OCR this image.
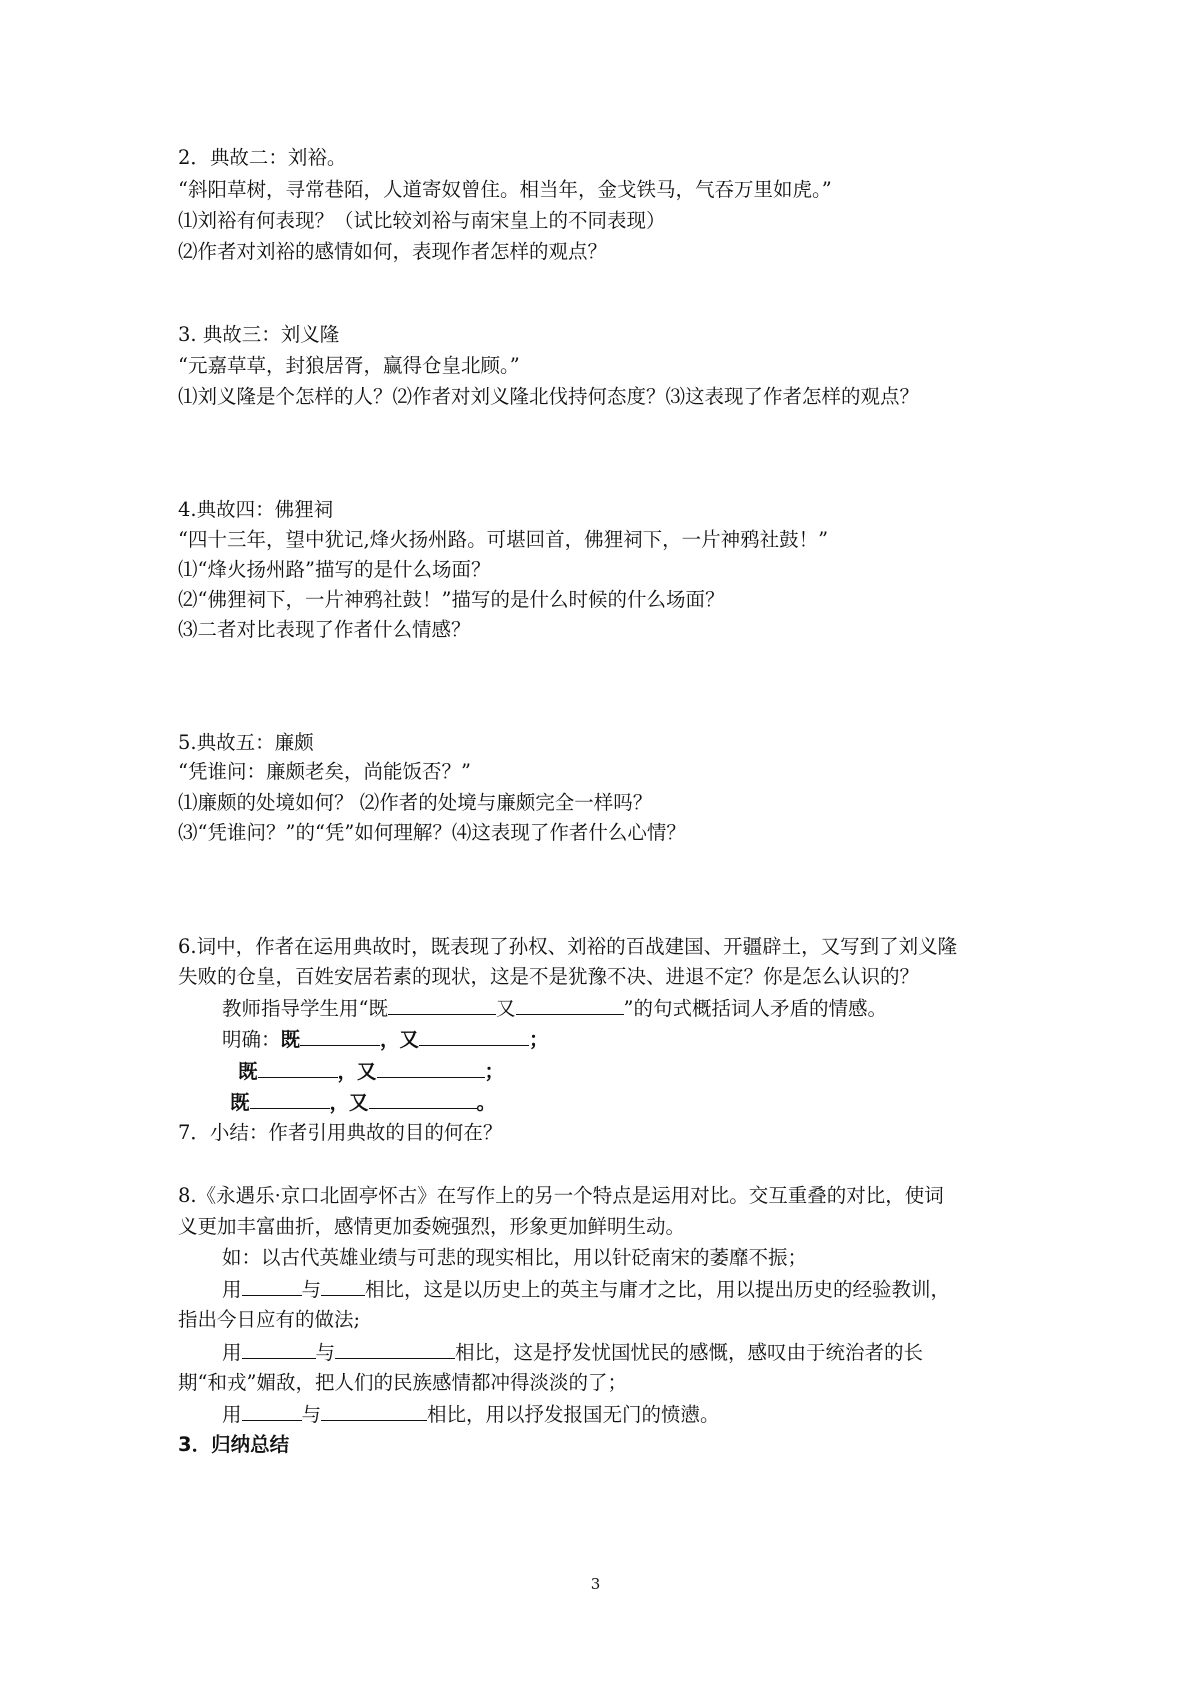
2．典故二：刘裕。
“斜阳草树，寻常巷陌，人道寄奴曾住。相当年，金戈铁马，气吞万里如虎。”
⑴刘裕有何表现？（试比较刘裕与南宋皇上的不同表现）
⑵作者对刘裕的感情如何，表现作者怎样的观点？
3. 典故三：刘义隆
“元嘉草草，封狼居胥，赢得仓皇北顾。”
⑴刘义隆是个怎样的人？⑵作者对刘义隆北伐持何态度？⑶这表现了作者怎样的观点？
4.典故四：佛狸祠
“四十三年，望中犹记,烽火扬州路。可堪回首，佛狸祠下，一片神鸦社鼓！”
⑴“烽火扬州路”描写的是什么场面？
⑵“佛狸祠下，一片神鸦社鼓！”描写的是什么时候的什么场面？
⑶二者对比表现了作者什么情感？
5.典故五：廉颇
“凭谁问：廉颇老矣，尚能饭否？”
⑴廉颇的处境如何？ ⑵作者的处境与廉颇完全一样吗？
⑶“凭谁问？”的“凭”如何理解？⑷这表现了作者什么心情？
6.词中，作者在运用典故时，既表现了孙权、刘裕的百战建国、开疆辟土，又写到了刘义隆
失败的仓皇，百姓安居若素的现状，这是不是犹豫不决、进退不定？你是怎么认识的？
教师指导学生用“既	又	”的句式概括词人矛盾的情感。
明确：既	，又	；
既	，又	；
既	，又	。
7．小结：作者引用典故的目的何在？
8.《永遇乐·京口北固亭怀古》在写作上的另一个特点是运用对比。交互重叠的对比，使词
义更加丰富曲折，感情更加委婉强烈，形象更加鲜明生动。
如：以古代英雄业绩与可悲的现实相比，用以针砭南宋的萎靡不振；
用	与 相比，这是以历史上的英主与庸才之比，用以提出历史的经验教训，
指出今日应有的做法;
用	与	相比，这是抒发忧国忧民的感慨，感叹由于统治者的长
期“和戎”媚敌，把人们的民族感情都冲得淡淡的了；
用	与	相比，用以抒发报国无门的愤懑。
3．归纳总结
3
